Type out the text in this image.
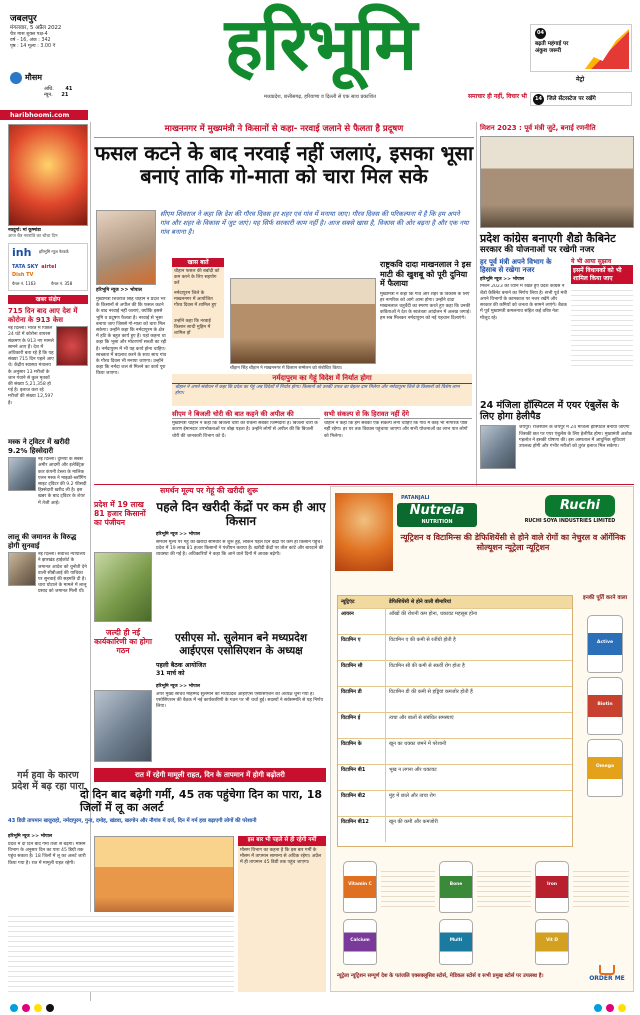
जबलपुर
मंगलवार, 5 अप्रैल 2022
चैत्र मास शुक्ल पक्ष-4
वर्ष - 16, अंक : 342
पृष्ठ : 14 मूल्य : 3.00 ₹
मौसम
अधि. 41
न्यून. 21
haribhoomi.com
हरिभूमि
मध्यप्रदेश, छत्तीसगढ़, हरियाणा व दिल्ली से एक साथ प्रकाशित	समाचार ही नहीं, विचार भी
04
बढ़ती महंगाई पर अंकुश जरूरी
मेट्रो
14 जिले सेंटरस्टेज पर रखेंगे
नवदुर्गा: मां कूष्मांडा
आज चैत्र नवरात्रि का चौथा दिन
inh हरिभूमि न्यूज नेटवर्क
TATA SKY airtel
Dish TV
चैनल नं. 1163	चैनल नं. 358
खबर संक्षेप
715 दिन बाद आए देश में कोरोना के 913 केस
नई दिल्ली। भारत में पिछले 24 घंटे में कोरोना वायरस संक्रमण के 913 नए मामले सामने आए हैं। देश में अधिकारी बता रहे हैं कि यह संख्या 715 दिन पहले आए थे। केंद्रीय स्वास्थ्य मंत्रालय के अनुसार 13 मरीजों के जान गंवाने से कुल मृतकों की संख्या 5,21,358 हो गई है। इलाज करा रहे मरीजों की संख्या 12,597 है।
मस्क ने ट्विटर में खरीदी 9.2% हिस्सेदारी
नई दिल्ली। दुनिया के सबसे अमीर आदमी और इलेक्ट्रिक कार कंपनी टेस्ला के मालिक एलन मस्क ने माइक्रो-ब्लॉगिंग साइट ट्विटर की 9.2 फीसदी हिस्सेदारी खरीद ली है। इस खबर के बाद ट्विटर के शेयर में तेजी आई।
लालू की जमानत के विरुद्ध होगी सुनवाई
नई दिल्ली। सर्वोच्च न्यायालय ने झारखंड हाईकोर्ट के जमानत आदेश को चुनौती देने वाली सीबीआई की याचिका पर सुनवाई की सहमति दी है। चारा घोटाले के मामले में लालू प्रसाद को जमानत मिली थी।
माखननगर में मुख्यमंत्री ने किसानों से कहा- नरवाई जलाने से फैलता है प्रदूषण
फसल कटने के बाद नरवाई नहीं जलाएं, इसका भूसा बनाएं ताकि गो-माता को चारा मिल सके
सीएम शिवराज ने कहा कि देश की गौरव दिवस हर शहर एवं गांव में मनाया जाए। गौरव दिवस की परिकल्पना ये है कि हम अपने गांव और शहर के विकास में जुट जाएं। यह सिर्फ सरकारी काम नहीं है। आज सबसे खास है, विकास की ओर बढ़ना है और एक नया गांव बनाना है।
हरिभूमि न्यूज >> भोपाल
मुख्यमंत्री शिवराज सिंह चौहान ने प्रदेश भर के किसानों से अपील की कि फसल कटने के बाद नरवाई नहीं जलाएं, क्योंकि इससे भूमि व प्रदूषण फैलता है। नरवाई से भूसा बनाया जाए जिससे गो-माता को चारा मिल सकेगा। उन्होंने कहा कि नर्मदापुरम के क्षेत्र में हटि के बहुत कार्य हुए हैं। यहां कहना था कहा कि भूसा और मोटरपंगों सब्जी का रही है। नर्मदापुरम में भी यह कार्य होना चाहिए। स्वच्छता में बदलाव करने के साथ साथ गांव के गौरव दिवस भी मनाया जाएगा। उन्होंने कहा कि नर्मदा जल से मिलने का कार्य पूरा किया जाएगा।
खास बातें
चौहान फसल की बर्बादी को कम करने के लिए सहयोग करें
नर्मदापुरम जिले के माखननगर में आयोजित गौरव दिवस में शामिल हुए
उन्होंने कहा कि नरवाई किसान साथी मुहिम में शामिल हों
चौहान सिंह चौहान ने माखननगर में किसान सम्मेलन को संबोधित किया।
राष्ट्रकवि दादा माखनलाल ने इस माटी की खुशबू को पूरी दुनिया में फैलाया
मुख्यमंत्री ने कहा कि गांव और शहर के विकास के लिए हर नागरिक को आगे आना होगा। उन्होंने दादा माखनलाल चतुर्वेदी का स्मरण करते हुए कहा कि उनकी कविताओं ने देश के स्वतंत्रता आंदोलन में अलख जगाई। हम सब मिलकर नर्मदापुरम को नई पहचान दिलाएंगे।
नर्मदापुरम का गेहूं विदेश में निर्यात होगा
चौहान ने अपने संबोधन में कहा कि प्रदेश का गेहूं अब विदेशों में निर्यात होगा। किसानों को उनकी उपज का बेहतर दाम मिलेगा और नर्मदापुरम जिले के किसानों को विशेष लाभ होगा।
सीएम ने बिजली चोरी की बात कहने की अपील की
मुख्यमंत्री चौहान ने कहा कि बिजली चोरी को रोकना सबकी जिम्मेदारी है। बिजली चोरी के कारण ईमानदार उपभोक्ताओं पर बोझ पड़ता है। उन्होंने लोगों से अपील की कि बिजली चोरी की जानकारी विभाग को दें।
सभी संकल्प से कि हिरावत नहीं देंगे
चौहान ने कहा कि हम सबको एक संकल्प लेना चाहिए कि गांव में कोई भी नागरिक पीछे नहीं रहेगा। हर घर तक विकास पहुंचाया जाएगा और सभी योजनाओं का लाभ पात्र लोगों को मिलेगा।
मिशन 2023 : पूर्व मंत्री जुटे, बनाई रणनीति
प्रदेश कांग्रेस बनाएगी शैडो कैबिनेट
सरकार की योजनाओं पर रखेगी नजर
हर पूर्व मंत्री अपने विभाग के हिसाब से रखेगा नजर
हरिभूमि न्यूज >> भोपाल
मिशन 2023 को ध्यान में रखते हुए प्रदेश कांग्रेस ने शैडो कैबिनेट बनाने का निर्णय लिया है। सभी पूर्व मंत्री अपने विभागों के कामकाज पर नजर रखेंगे और सरकार की कमियों को जनता के सामने लाएंगे। बैठक में पूर्व मुख्यमंत्री कमलनाथ सहित कई वरिष्ठ नेता मौजूद रहे।
ये भी आया सुझाव
इसमें विधायकों को भी शामिल किया जाए
24 मंजिला हॉस्पिटल में एयर एंबुलेंस के लिए होगा हेलीपैड
जयपुर। राजस्थान के जयपुर में 24 मंजिला हॉस्पिटल बनाया जाएगा जिसकी छत पर एयर एंबुलेंस के लिए हेलीपैड होगा। मुख्यमंत्री अशोक गहलोत ने इसकी घोषणा की। इस अस्पताल में आधुनिक सुविधाएं उपलब्ध होंगी और गंभीर मरीजों को तुरंत इलाज मिल सकेगा।
समर्थन मूल्य पर गेहूं की खरीदी शुरू
प्रदेश में 19 लाख 81 हजार किसानों का पंजीयन
पहले दिन खरीदी केंद्रों पर कम ही आए किसान
हरिभूमि न्यूज >> भोपाल
समर्थन मूल्य पर गेहूं की खरीदी सोमवार से शुरू हुई, लेकिन पहले दिन केंद्रों पर कम ही किसान पहुंचे। प्रदेश में 19 लाख 81 हजार किसानों ने पंजीयन कराया है। खरीदी केंद्रों पर तौल कांटे और बारदाने की व्यवस्था की गई है। अधिकारियों ने कहा कि आने वाले दिनों में आवक बढ़ेगी।
जल्दी ही नई कार्यकारिणी का होगा गठन
एसीएस मो. सुलेमान बने मध्यप्रदेश आईएएस एसोसिएशन के अध्यक्ष
पहली बैठक आयोजित 31 मार्च को
हरिभूमि न्यूज >> भोपाल
अपर मुख्य सचिव मोहम्मद सुलेमान को मध्यप्रदेश आईएएस एसोसिएशन का अध्यक्ष चुना गया है। एसोसिएशन की बैठक में नई कार्यकारिणी के गठन पर भी चर्चा हुई। सदस्यों ने सर्वसम्मति से यह निर्णय लिया।
PATANJALI
Nutrela
NUTRITION
Ruchi
RUCHI SOYA INDUSTRIES LIMITED
न्यूट्रिशन व विटामिन्स की डेफिशियेंसी से होने वाले रोगों का नेचुरल व ऑर्गेनिक सोल्यूशन न्यूट्रेला न्यूट्रिशन
न्यूट्रिएंट	डेफिशियेंसी से होने वाली बीमारियां
आयरन	आँखों की रोशनी कम होना, थकावट महसूस होना
विटामिन ए	विटामिन ए की कमी से रतौंधी होती है
विटामिन सी	विटामिन सी की कमी से स्कर्वी रोग होता है
विटामिन डी	विटामिन डी की कमी से हड्डियां कमजोर होती हैं
विटामिन ई	त्वचा और बालों से संबंधित समस्याएं
विटामिन के	खून का थक्का जमने में परेशानी
विटामिन बी1	भूख न लगना और थकावट
विटामिन बी2	मुंह में छाले और त्वचा रोग
विटामिन बी12	खून की कमी और कमजोरी
इनकी पूर्ति करने वाला
Active
Biotin
Omega
Vitamin C	Bone	Iron
Calcium	Multi	Vit D
न्यूट्रेला न्यूट्रिशन सम्पूर्ण देश के पतंजलि एक्सक्लूसिव स्टोर्स, मेडिकल स्टोर्स व सभी प्रमुख स्टोर्स पर उपलब्ध है।	ORDER ME
रात में रहेगी मामूली राहत, दिन के तापमान में होगी बढ़ोतरी
गर्म हवा के कारण प्रदेश में बढ़ रहा पारा
दो दिन बाद बढ़ेगी गर्मी, 45 तक पहुंचेगा दिन का पारा, 18 जिलों में लू का अलर्ट
43 डिग्री तापमान खजुराहो, नर्मदापुरम, गुना, दमोह, खंडवा, खरगोन और नौगांव में दर्ज, दिन में गर्म हवा बढ़ाएगी लोगों की परेशानी
हरिभूमि न्यूज >> भोपाल
प्रदेश में दो दिन बाद गर्मी तेजी से बढ़ेगी। मौसम विभाग के अनुसार दिन का पारा 45 डिग्री तक पहुंच सकता है। 18 जिलों में लू का अलर्ट जारी किया गया है। रात में मामूली राहत रहेगी।
इस बार भी पहले से ही रहेगी गर्मी
मौसम विभाग का कहना है कि इस बार गर्मी के मौसम में तापमान सामान्य से अधिक रहेगा। अप्रैल में ही तापमान 45 डिग्री तक पहुंच जाएगा।
